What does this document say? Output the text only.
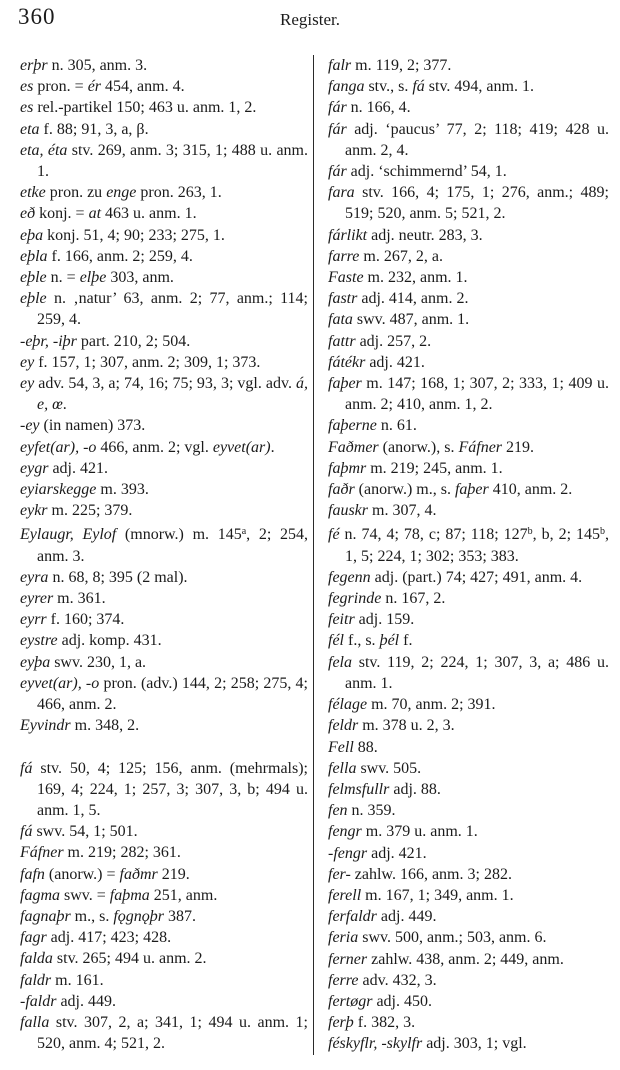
360	Register.

erþr n. 305, anm. 3.

es pron. = ér 454, anm. 4.

es rel.-partikel 150; 463 u. anm. 1, 2.

eta f. 88; 91, 3, a, β.

eta, éta stv. 269, anm. 3; 315, 1; 488 u. anm. 1.

etke pron. zu enge pron. 263, 1.

eð konj. = at 463 u. anm. 1.

eþa konj. 51, 4; 90; 233; 275, 1.

eþla f. 166, anm. 2; 259, 4.

eþle n. = elþe 303, anm.

eþle n. ‚natur’ 63, anm. 2; 77, anm.; 114; 259, 4.

-eþr, -iþr part. 210, 2; 504.

ey f. 157, 1; 307, anm. 2; 309, 1; 373.

ey adv. 54, 3, a; 74, 16; 75; 93, 3; vgl. adv. á, e, œ.

-ey (in namen) 373.

eyfet(ar), -o 466, anm. 2; vgl. eyvet(ar).

eygr adj. 421.

eyiarskegge m. 393.

eykr m. 225; 379.

Eylaugr, Eylof (mnorw.) m. 145$^a$, 2; 254, anm. 3.

eyra n. 68, 8; 395 (2 mal).

eyrer m. 361.

eyrr f. 160; 374.

eystre adj. komp. 431.

eyþa swv. 230, 1, a.

eyvet(ar), -o pron. (adv.) 144, 2; 258; 275, 4; 466, anm. 2.

Eyvindr m. 348, 2.

fá stv. 50, 4; 125; 156, anm. (mehrmals); 169, 4; 224, 1; 257, 3; 307, 3, b; 494 u. anm. 1, 5.

fá swv. 54, 1; 501.

Fáfner m. 219; 282; 361.

fafn (anorw.) = faðmr 219.

fagma swv. = faþma 251, anm.

fagnaþr m., s. fǫgnǫþr 387.

fagr adj. 417; 423; 428.

falda stv. 265; 494 u. anm. 2.

faldr m. 161.

-faldr adj. 449.

falla stv. 307, 2, a; 341, 1; 494 u. anm. 1; 520, anm. 4; 521, 2.

falr m. 119, 2; 377.

fanga stv., s. fá stv. 494, anm. 1.

fár n. 166, 4.

fár adj. ‘paucus’ 77, 2; 118; 419; 428 u. anm. 2, 4.

fár adj. ‘schimmernd’ 54, 1.

fara stv. 166, 4; 175, 1; 276, anm.; 489; 519; 520, anm. 5; 521, 2.

fárlikt adj. neutr. 283, 3.

farre m. 267, 2, a.

Faste m. 232, anm. 1.

fastr adj. 414, anm. 2.

fata swv. 487, anm. 1.

fattr adj. 257, 2.

fátékr adj. 421.

faþer m. 147; 168, 1; 307, 2; 333, 1; 409 u. anm. 2; 410, anm. 1, 2.

faþerne n. 61.

Faðmer (anorw.), s. Fáfner 219.

faþmr m. 219; 245, anm. 1.

faðr (anorw.) m., s. faþer 410, anm. 2.

fauskr m. 307, 4.

fé n. 74, 4; 78, c; 87; 118; 127$^b$, b, 2; 145$^b$, 1, 5; 224, 1; 302; 353; 383.

fegenn adj. (part.) 74; 427; 491, anm. 4.

fegrinde n. 167, 2.

feitr adj. 159.

fél f., s. þél f.

fela stv. 119, 2; 224, 1; 307, 3, a; 486 u. anm. 1.

félage m. 70, anm. 2; 391.

feldr m. 378 u. 2, 3.

Fell 88.

fella swv. 505.

felmsfullr adj. 88.

fen n. 359.

fengr m. 379 u. anm. 1.

-fengr adj. 421.

fer- zahlw. 166, anm. 3; 282.

ferell m. 167, 1; 349, anm. 1.

ferfaldr adj. 449.

feria swv. 500, anm.; 503, anm. 6.

ferner zahlw. 438, anm. 2; 449, anm.

ferre adv. 432, 3.

fertøgr adj. 450.

ferþ f. 382, 3.

féskyflr, -skylfr adj. 303, 1; vgl.
